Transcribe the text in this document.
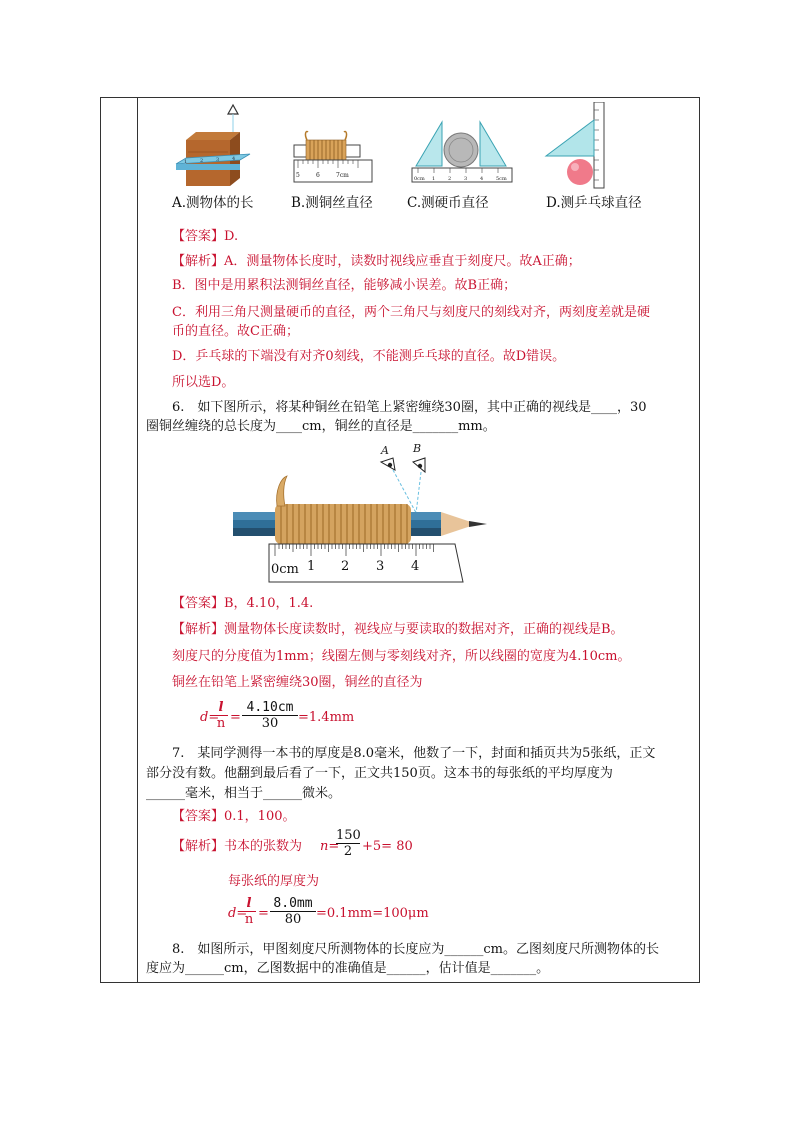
1	2	3	4
5	6	7cm	0cm 1	2	3	4	5cm
A.测物体的长	B.测铜丝直径	C.测硬币直径	D.测乒乓球直径
【答案】D.
【解析】A．测量物体长度时，读数时视线应垂直于刻度尺。故A正确；
B．图中是用累积法测铜丝直径，能够减小误差。故B正确；
C．利用三角尺测量硬币的直径，两个三角尺与刻度尺的刻线对齐，两刻度差就是硬
币的直径。故C正确；
D．乒乓球的下端没有对齐0刻线，不能测乒乓球的直径。故D错误。
所以选D。
6.　如下图所示，将某种铜丝在铅笔上紧密缠绕30圈，其中正确的视线是____，30
圈铜丝缠绕的总长度为____cm，铜丝的直径是_______mm。
A B
0cm 1 2 3 4
【答案】B，4.10，1.4.
【解析】测量物体长度读数时，视线应与要读取的数据对齐，正确的视线是B。
刻度尺的分度值为1mm；线圈左侧与零刻线对齐，所以线圈的宽度为4.10cm。
铜丝在铅笔上紧密缠绕30圈，铜丝的直径为
d=
l
n =
4.10cm
30	=1.4mm
7.　某同学测得一本书的厚度是8.0毫米，他数了一下，封面和插页共为5张纸，正文
部分没有数。他翻到最后看了一下，正文共150页。这本书的每张纸的平均厚度为
______毫米，相当于______微米。
【答案】0.1，100。
【解析】书本的张数为 n=
150
2 +5= 80
每张纸的厚度为
d=
l
n =
8.0mm
80	=0.1mm=100μm
8.　如图所示，甲图刻度尺所测物体的长度应为______cm。乙图刻度尺所测物体的长
度应为______cm，乙图数据中的准确值是______，估计值是_______。
